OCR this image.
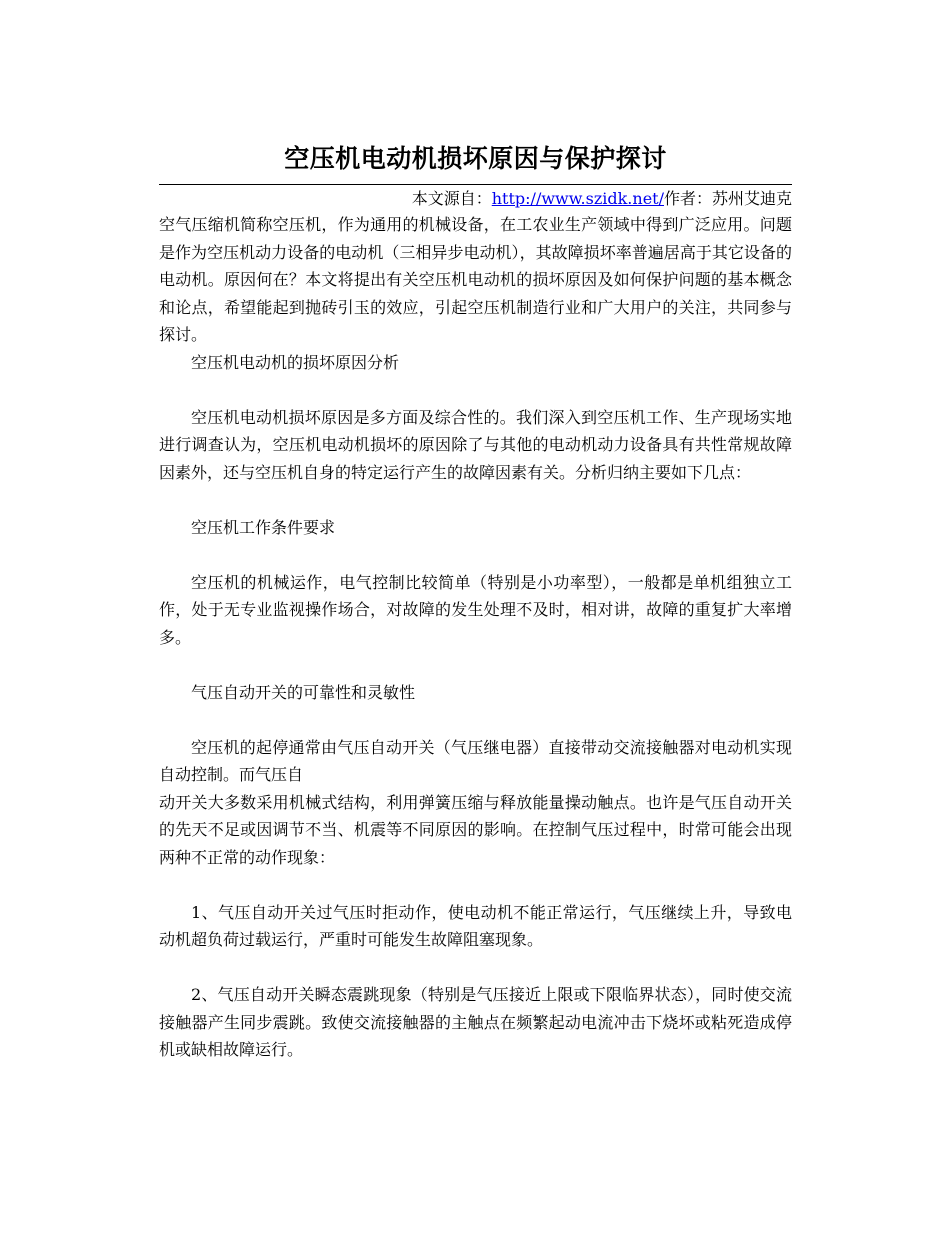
空压机电动机损坏原因与保护探讨
本文源自：http://www.szidk.net/作者：苏州艾迪克

空气压缩机简称空压机，作为通用的机械设备，在工农业生产领域中得到广泛应用。问题是作为空压机动力设备的电动机（三相异步电动机），其故障损坏率普遍居高于其它设备的电动机。原因何在？本文将提出有关空压机电动机的损坏原因及如何保护问题的基本概念和论点，希望能起到抛砖引玉的效应，引起空压机制造行业和广大用户的关注，共同参与探讨。

空压机电动机的损坏原因分析

空压机电动机损坏原因是多方面及综合性的。我们深入到空压机工作、生产现场实地进行调查认为，空压机电动机损坏的原因除了与其他的电动机动力设备具有共性常规故障因素外，还与空压机自身的特定运行产生的故障因素有关。分析归纳主要如下几点：

空压机工作条件要求

空压机的机械运作，电气控制比较简单（特别是小功率型），一般都是单机组独立工作，处于无专业监视操作场合，对故障的发生处理不及时，相对讲，故障的重复扩大率增多。

气压自动开关的可靠性和灵敏性

空压机的起停通常由气压自动开关（气压继电器）直接带动交流接触器对电动机实现自动控制。而气压自

动开关大多数采用机械式结构，利用弹簧压缩与释放能量操动触点。也许是气压自动开关的先天不足或因调节不当、机震等不同原因的影响。在控制气压过程中，时常可能会出现两种不正常的动作现象：

1、气压自动开关过气压时拒动作，使电动机不能正常运行，气压继续上升，导致电动机超负荷过载运行，严重时可能发生故障阻塞现象。

2、气压自动开关瞬态震跳现象（特别是气压接近上限或下限临界状态），同时使交流接触器产生同步震跳。致使交流接触器的主触点在频繁起动电流冲击下烧坏或粘死造成停机或缺相故障运行。
